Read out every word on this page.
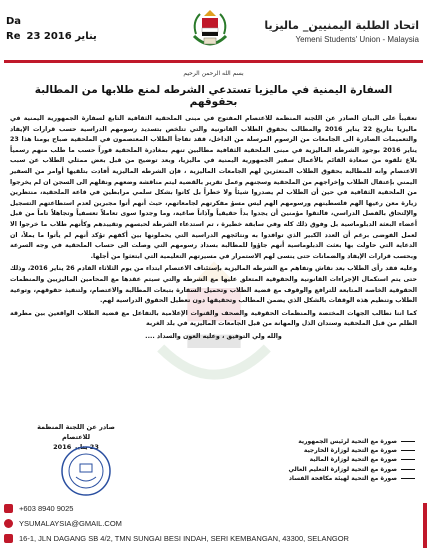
Da
Re 23 يناير 2016
اتحاد الطلبة اليمنيين_ ماليزيا
Yemeni Students' Union - Malaysia
بسم الله الرحمن الرحيم
السفارة اليمنية في ماليزيا تستدعي الشرطه لمنع طلابها من المطالبة بحقوقهم

تعقيباً على البيان الصادر عن اللجنة المنظمة للاعتصام المفتوح في مبنى الملحقية الثقافية التابع لسفارة الجمهورية اليمنية في ماليزيا بتاريخ 22 يناير 2016 والمطالب بحقوق الطلاب القانونية والتي تتلخص بتسديد رسومهم الدراسية حسب قرارات الإيفاد والتعميمات الصادرة الى الجامعات من الرسوم المرسلة من الداخل، فقد تفاجأ الطلاب المعتصمون في الملحقية صباح يومنا هذا 23 يناير 2016 بوجود الشرطه الماليزية في مبنى الملحقية الثقافية مطالبين تنهم بمغادرة الملحقية فوراً حسب ما طلب منهم رسمياً بلاغ تلقوه من سعادة القائم بالأعمال سفير الجمهورية اليمنية في ماليزيا، وبعد توضيح من قبل بعض ممثلي الطلاب عن سبب الاعتصام وانه للمطالبة بحقوق الطلاب المتعثرين لهم الجامعات الماليزية ، فإن الشرطه الماليزية أفادت بتلقيها أوامر من السفير اليمني بإعتقال الطلاب وإخراجهم من الملحقية وسجنهم وعمل تقرير بالقضية ليتم مناقشة وضعهم ونقلهم الى السجن ان لم يخرجوا من الملحقية الثقافية في حين أن الطلاب لم يصدروا شيئاً ولا خطراً بل كانوا بشكل سلمي مرابطين في قاعة الملحقية، منتظرين زيارة معن رعيها الهم فلسطينهم ورسومهم الهم ليس مسؤ مفكرتهم لجامعاتهم، حيث أنهم أتوا مجبرين لعدم استطاعتهم التسجيل والإلتحاق بالفصل الدراسي، فالتقوا مؤمنين أن يجدوا بداً حقيقياً وآذاناً صاغية، وما وجدوا سوى تعاملاً تعسفياً وتجاهلاً تاماً من قبل أعضاء البعثة الدبلوماسية بل وفوق ذلك كله وفي سابقة خطيرة ، تم استدعاء الشرطة لحبسهم وتقييدهم وكأنهم طلاب ما خرجوا الا لعمل الفوضى برغم أن العدد الكبير الذي توافدوا به ونتائجهم الدراسية التي يحملونها بين أكفهم تؤكد أنهم لم يأتوا ما يملأ، ان الدعاية التي حاولت بها بعثت الدبلوماسية أنهم جاؤوا للمطالبة بسداد رسومهم التي وصلت الى حساب الملحقية في وجه السرعة وبحسب قرارات الإيفاد والضمانات حتى ينسى لهم الاستمرار في مسيرتهم التعليمية التي ابتعثوا من أجلها.

وعليه فقد رأى الطلاب بعد نقاش وتفاهم مع الشرطه الماليزية بإستئناف الاعتصام ابتداء من يوم الثلاثاء القادم 26 يناير 2016، وذلك حتى يتم استكمال الإجراءات القانونية والحقوقية المتعلق عليها مع الشرطه والتي سيتم عقدها مع المحامين الماليزيين والمنظمات الحقوقية الخاصة المتابعة للترافع والوقوف مع قضية الطلاب وتحميل السفارة بتبعات المطالبة والاعتصام، ولتنفيذ حقوقهم، وتوعية الطلاب وتنظيم هذه الوقفات بالشكل الذي يضمن المطالب وتحقيقها دون تعطيل الحقوق الدراسية لهم.

كما اننا نطالب الجهات المختصة والمنظمات الحقوقية والصحف والقنوات الإعلامية بالتفاعل مع قضية الطلاب الواقعين بين مطرقة الظلم من قبل الملحقية وسندان الذل والمهانة من قبل الجامعات الماليزية في بلد الغربة

والله ولي التوفيق ، وعليه العون والسداد ....
صادر عن اللجنة المنظمة للاعتصام
23 يناير 2016
صورة مع التحية لرئيس الجمهورية
صورة مع التحية لوزارة الخارجية
صورة مع التحية لوزارة المالية
صورة مع التحية لوزارة التعليم العالي
صورة مع التحية لهيئة مكافحة الفساد
+603 8940 9025
YSUMALAYSIA@GMAIL.COM
16-1, JLN DAGANG SB 4/2, TMN SUNGAI BESI INDAH, SERI KEMBANGAN, 43300, SELANGOR
